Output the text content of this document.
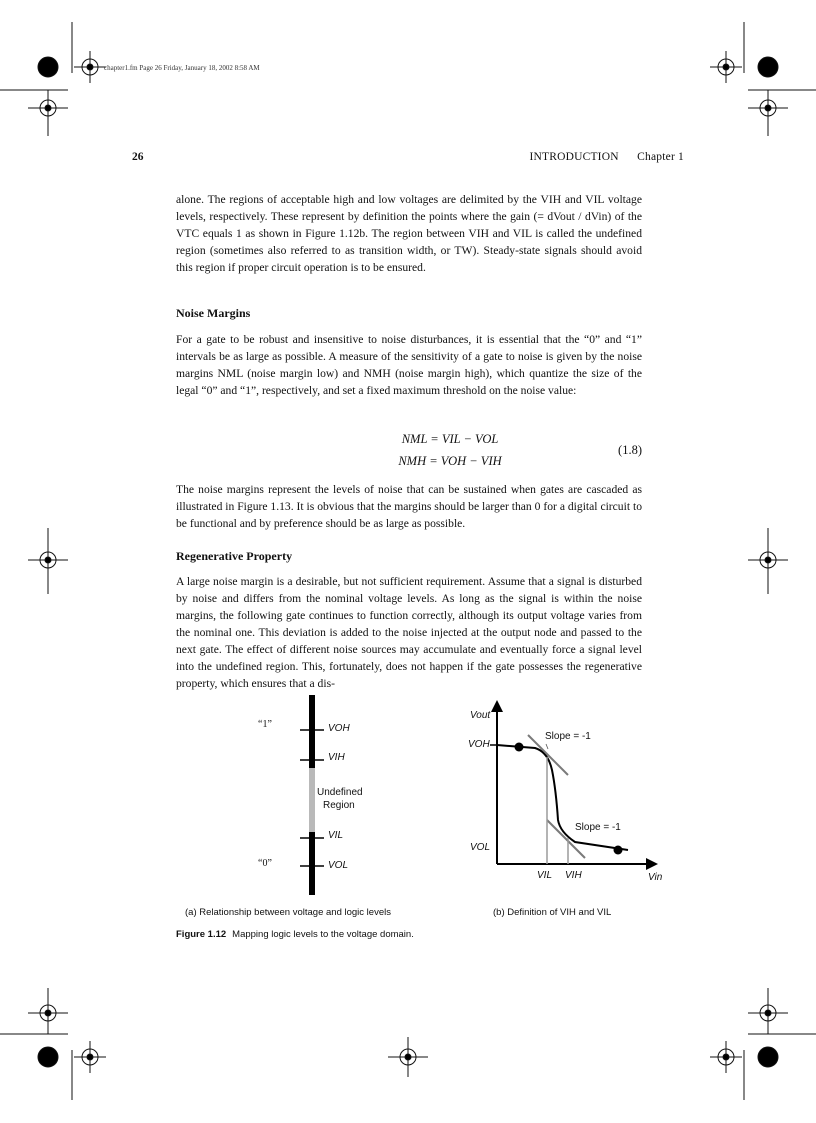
chapter1.fm Page 26 Friday, January 18, 2002 8:58 AM
26	INTRODUCTION      Chapter 1
alone. The regions of acceptable high and low voltages are delimited by the VIH and VIL voltage levels, respectively. These represent by definition the points where the gain (= dVout / dVin) of the VTC equals 1 as shown in Figure 1.12b. The region between VIH and VIL is called the undefined region (sometimes also referred to as transition width, or TW). Steady-state signals should avoid this region if proper circuit operation is to be ensured.
Noise Margins
For a gate to be robust and insensitive to noise disturbances, it is essential that the “0” and “1” intervals be as large as possible. A measure of the sensitivity of a gate to noise is given by the noise margins NML (noise margin low) and NMH (noise margin high), which quantize the size of the legal “0” and “1”, respectively, and set a fixed maximum threshold on the noise value:
NML = VIL − VOL
NMH = VOH − VIH
(1.8)
The noise margins represent the levels of noise that can be sustained when gates are cascaded as illustrated in Figure 1.13. It is obvious that the margins should be larger than 0 for a digital circuit to be functional and by preference should be as large as possible.
Regenerative Property
A large noise margin is a desirable, but not sufficient requirement. Assume that a signal is disturbed by noise and differs from the nominal voltage levels. As long as the signal is within the noise margins, the following gate continues to function correctly, although its output voltage varies from the nominal one. This deviation is added to the noise injected at the output node and passed to the next gate. The effect of different noise sources may accumulate and eventually force a signal level into the undefined region. This, fortunately, does not happen if the gate possesses the regenerative property, which ensures that a dis-
“1”	VOH
VIH
Undefined
Region
VIL
“0”	VOL
Vout
VOH
Slope = -1
Slope = -1
VOL
VIL VIH	Vin
(a) Relationship between voltage and logic levels	(b) Definition of VIH and VIL
Figure 1.12 Mapping logic levels to the voltage domain.
